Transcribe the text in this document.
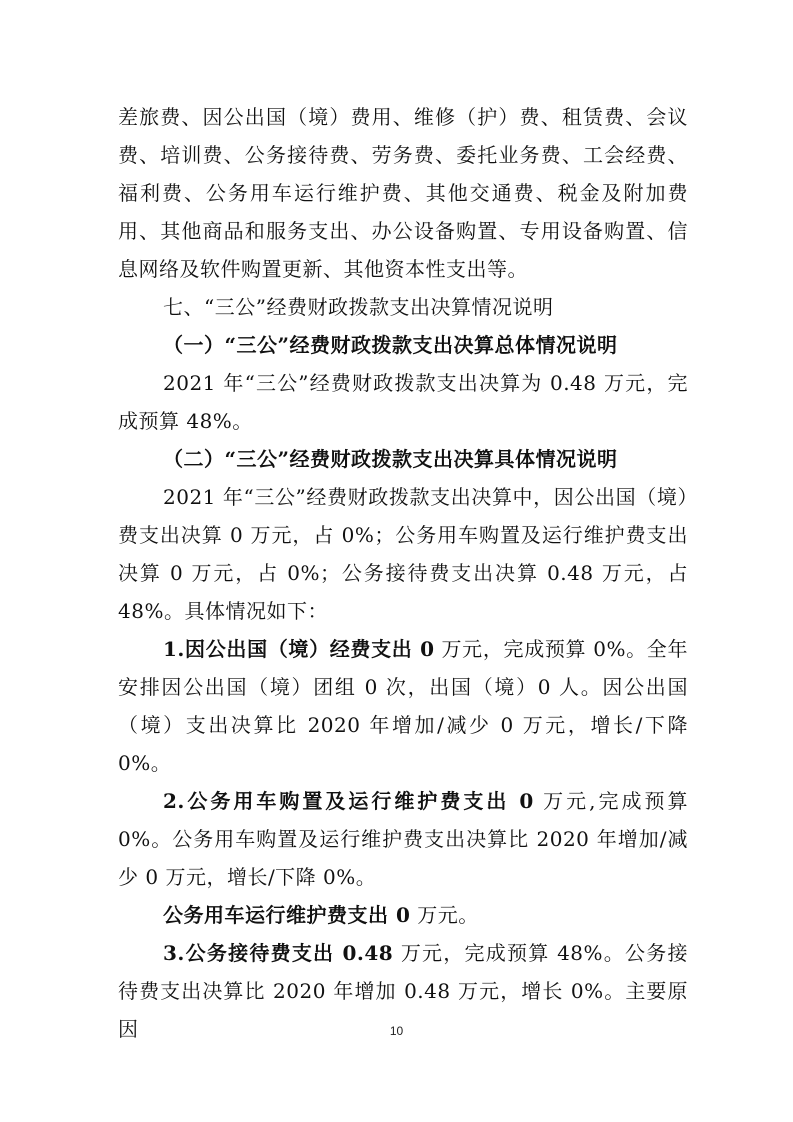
差旅费、因公出国（境）费用、维修（护）费、租赁费、会议费、培训费、公务接待费、劳务费、委托业务费、工会经费、福利费、公务用车运行维护费、其他交通费、税金及附加费用、其他商品和服务支出、办公设备购置、专用设备购置、信息网络及软件购置更新、其他资本性支出等。

七、“三公”经费财政拨款支出决算情况说明

（一）“三公”经费财政拨款支出决算总体情况说明

2021 年“三公”经费财政拨款支出决算为 0.48 万元，完成预算 48%。

（二）“三公”经费财政拨款支出决算具体情况说明

2021 年“三公”经费财政拨款支出决算中，因公出国（境）费支出决算 0 万元，占 0%；公务用车购置及运行维护费支出决算 0 万元，占 0%；公务接待费支出决算 0.48 万元，占 48%。具体情况如下：

1.因公出国（境）经费支出 0 万元，完成预算 0%。全年安排因公出国（境）团组 0 次，出国（境）0 人。因公出国（境）支出决算比 2020 年增加/减少 0 万元，增长/下降 0%。

2.公务用车购置及运行维护费支出 0 万元,完成预算 0%。公务用车购置及运行维护费支出决算比 2020 年增加/减少 0 万元，增长/下降 0%。

公务用车运行维护费支出 0 万元。

3.公务接待费支出 0.48 万元，完成预算 48%。公务接待费支出决算比 2020 年增加 0.48 万元，增长 0%。主要原因	10
